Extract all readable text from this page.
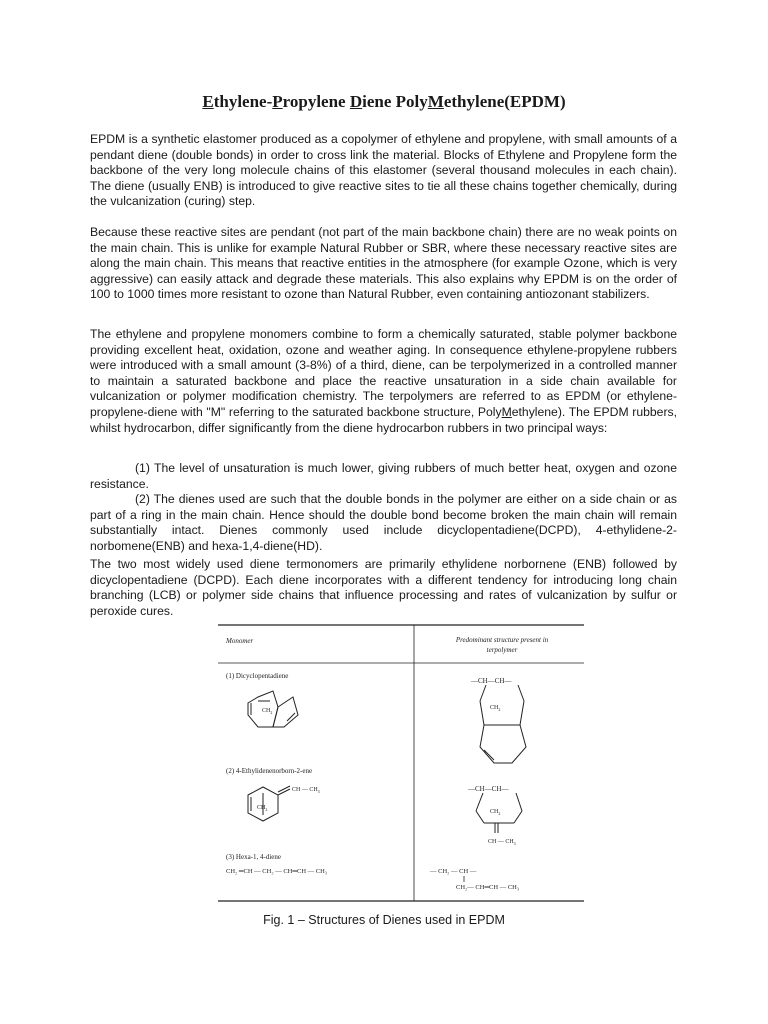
Ethylene-Propylene Diene PolyMethylene(EPDM)

EPDM is a synthetic elastomer produced as a copolymer of ethylene and propylene, with small amounts of a pendant diene (double bonds) in order to cross link the material. Blocks of Ethylene and Propylene form the backbone of the very long molecule chains of this elastomer (several thousand molecules in each chain). The diene (usually ENB) is introduced to give reactive sites to tie all these chains together chemically, during the vulcanization (curing) step.

Because these reactive sites are pendant (not part of the main backbone chain) there are no weak points on the main chain. This is unlike for example Natural Rubber or SBR, where these necessary reactive sites are along the main chain. This means that reactive entities in the atmosphere (for example Ozone, which is very aggressive) can easily attack and degrade these materials. This also explains why EPDM is on the order of 100 to 1000 times more resistant to ozone than Natural Rubber, even containing antiozonant stabilizers.

The ethylene and propylene monomers combine to form a chemically saturated, stable polymer backbone providing excellent heat, oxidation, ozone and weather aging. In consequence ethylene-propylene rubbers were introduced with a small amount (3-8%) of a third, diene, can be terpolymerized in a controlled manner to maintain a saturated backbone and place the reactive unsaturation in a side chain available for vulcanization or polymer modification chemistry. The terpolymers are referred to as EPDM (or ethylene-propylene-diene with "M" referring to the saturated backbone structure, PolyMethylene). The EPDM rubbers, whilst hydrocarbon, differ significantly from the diene hydrocarbon rubbers in two principal ways:

(1) The level of unsaturation is much lower, giving rubbers of much better heat, oxygen and ozone resistance.

(2) The dienes used are such that the double bonds in the polymer are either on a side chain or as part of a ring in the main chain. Hence should the double bond become broken the main chain will remain substantially intact. Dienes commonly used include dicyclopentadiene(DCPD), 4-ethylidene-2-norbomene(ENB) and hexa-1,4-diene(HD).

The two most widely used diene termonomers are primarily ethylidene norbornene (ENB) followed by dicyclopentadiene (DCPD). Each diene incorporates with a different tendency for introducing long chain branching (LCB) or polymer side chains that influence processing and rates of vulcanization by sulfur or peroxide cures.

Monomer	Predominant structure present in
terpolymer
(1) Dicyclopentadiene
$CH_2$
—CH—CH—
$CH_2$
(2) 4-Ethylidenenorborn-2-ene
CH — $CH_3$
$CH_2$
—CH—CH—
$CH_2$
CH — $CH_3$
(3) Hexa-1, 4-diene
CH₂ ═CH — CH₂ — CH═CH — CH₃	— CH₂ — CH —
CH₂— CH═CH — CH₃
Fig. 1 – Structures of Dienes used in EPDM
